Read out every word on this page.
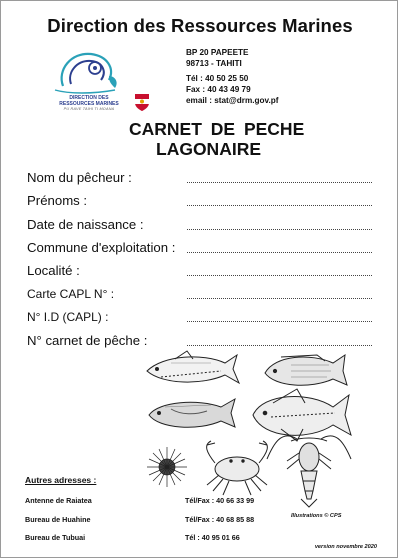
Direction des Ressources Marines
DIRECTION DES
RESSOURCES MARINES
PU RAVE TAIHI TI MOANA
BP 20 PAPEETE
98713 - TAHITI
Tél : 40 50 25 50
Fax : 40 43 49 79
email : stat@drm.gov.pf
CARNET DE PECHE
LAGONAIRE
Nom du pêcheur :
Prénoms :
Date de naissance :
Commune d'exploitation :
Localité :
Carte CAPL N° :
N° I.D (CAPL) :
N° carnet de pêche :
Illustrations © CPS
Autres adresses :
Antenne de Raiatea	Tél/Fax : 40 66 33 99
Bureau de Huahine	Tél/Fax : 40 68 85 88
Bureau de Tubuai	Tél : 40 95 01 66
version novembre 2020
